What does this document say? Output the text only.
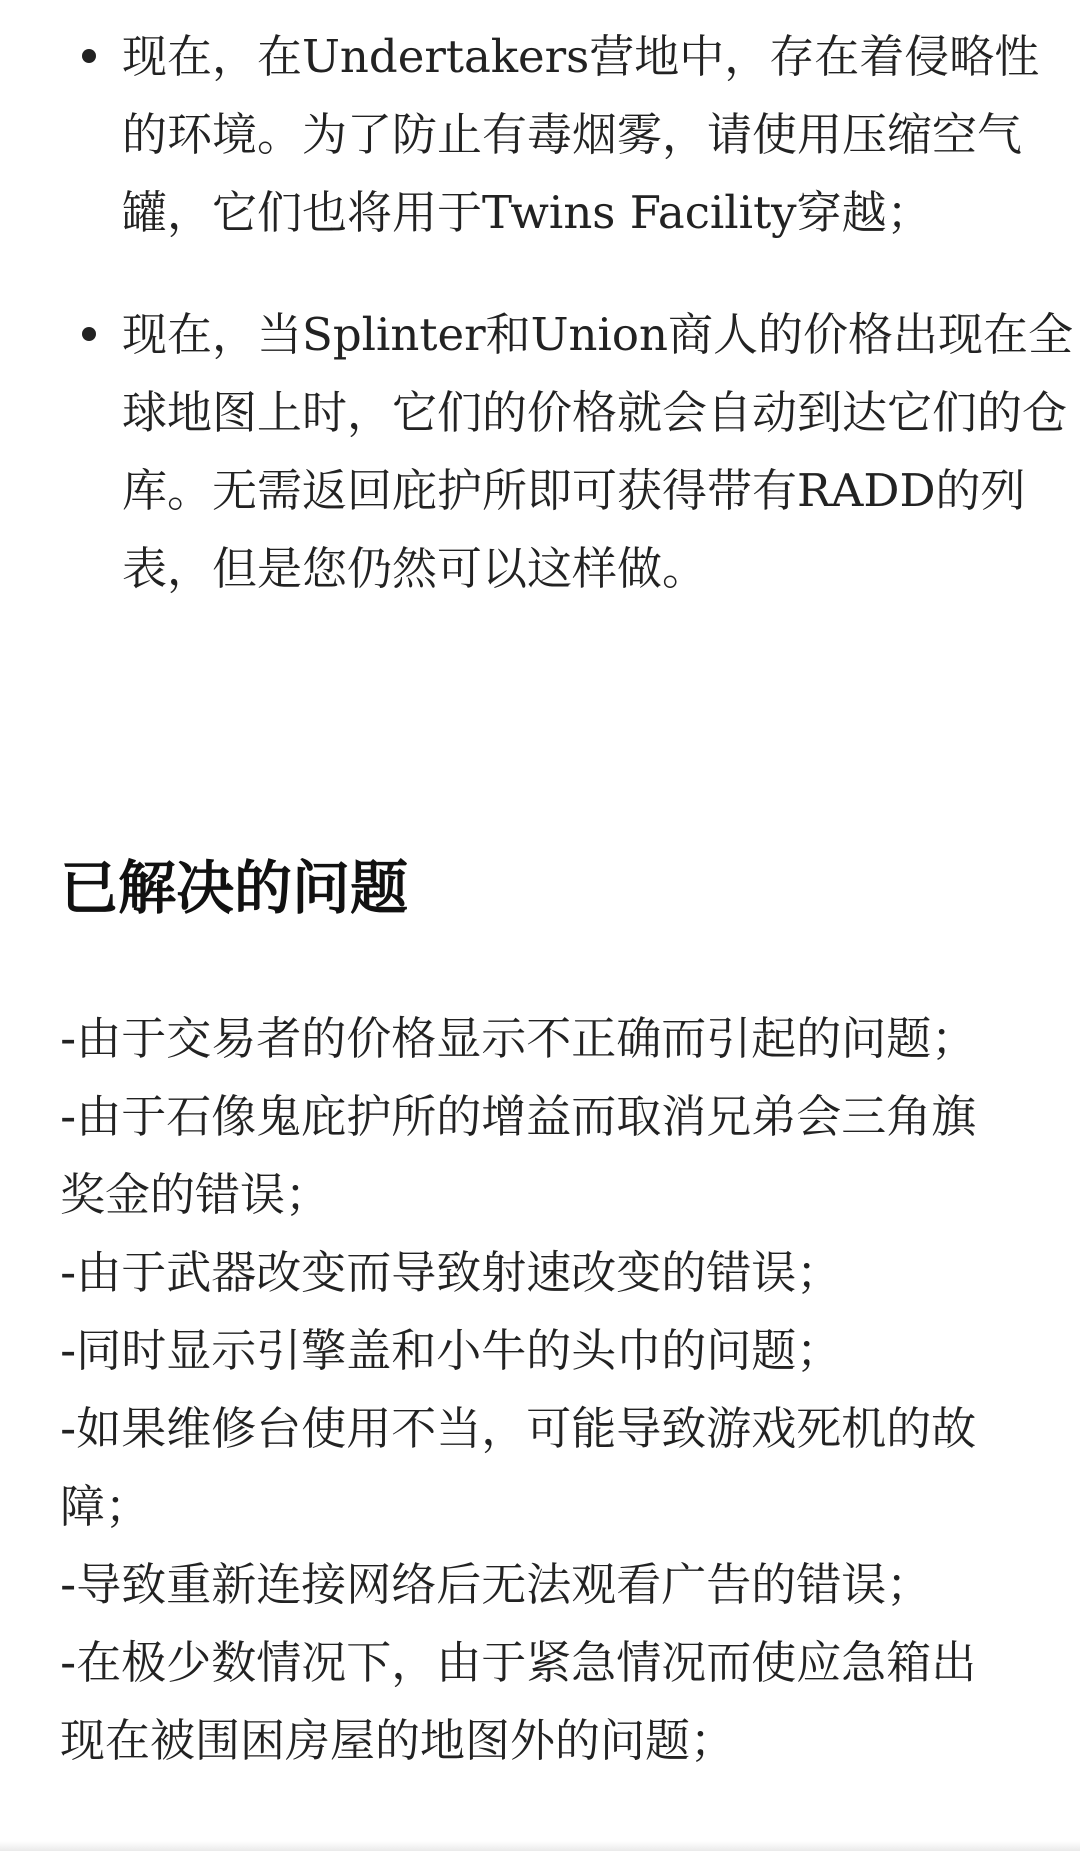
现在，在Undertakers营地中，存在着侵略性的环境。为了防止有毒烟雾，请使用压缩空气罐，它们也将用于Twins Facility穿越；
现在，当Splinter和Union商人的价格出现在全球地图上时，它们的价格就会自动到达它们的仓库。无需返回庇护所即可获得带有RADD的列表，但是您仍然可以这样做。
已解决的问题
-由于交易者的价格显示不正确而引起的问题；
-由于石像鬼庇护所的增益而取消兄弟会三角旗奖金的错误；
-由于武器改变而导致射速改变的错误；
-同时显示引擎盖和小牛的头巾的问题；
-如果维修台使用不当，可能导致游戏死机的故障；
-导致重新连接网络后无法观看广告的错误；
-在极少数情况下，由于紧急情况而使应急箱出现在被围困房屋的地图外的问题；
